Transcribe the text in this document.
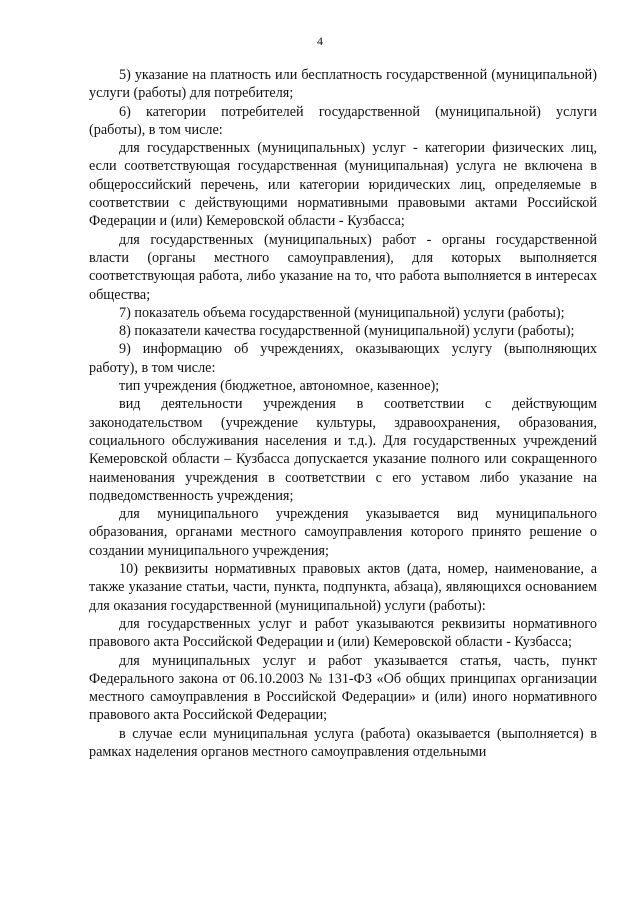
4

5) указание на платность или бесплатность государственной (муниципальной) услуги (работы) для потребителя;

6) категории потребителей государственной (муниципальной) услуги (работы), в том числе:

для государственных (муниципальных) услуг - категории физических лиц, если соответствующая государственная (муниципальная) услуга не включена в общероссийский перечень, или категории юридических лиц, определяемые в соответствии с действующими нормативными правовыми актами Российской Федерации и (или) Кемеровской области - Кузбасса;

для государственных (муниципальных) работ - органы государственной власти (органы местного самоуправления), для которых выполняется соответствующая работа, либо указание на то, что работа выполняется в интересах общества;

7) показатель объема государственной (муниципальной) услуги (работы);

8) показатели качества государственной (муниципальной) услуги (работы);

9) информацию об учреждениях, оказывающих услугу (выполняющих работу), в том числе:

тип учреждения (бюджетное, автономное, казенное);

вид деятельности учреждения в соответствии с действующим законодательством (учреждение культуры, здравоохранения, образования, социального обслуживания населения и т.д.). Для государственных учреждений Кемеровской области – Кузбасса допускается указание полного или сокращенного наименования учреждения в соответствии с его уставом либо указание на подведомственность учреждения;

для муниципального учреждения указывается вид муниципального образования, органами местного самоуправления которого принято решение о создании муниципального учреждения;

10) реквизиты нормативных правовых актов (дата, номер, наименование, а также указание статьи, части, пункта, подпункта, абзаца), являющихся основанием для оказания государственной (муниципальной) услуги (работы):

для государственных услуг и работ указываются реквизиты нормативного правового акта Российской Федерации и (или) Кемеровской области - Кузбасса;

для муниципальных услуг и работ указывается статья, часть, пункт Федерального закона от 06.10.2003 № 131-ФЗ «Об общих принципах организации местного самоуправления в Российской Федерации» и (или) иного нормативного правового акта Российской Федерации;

в случае если муниципальная услуга (работа) оказывается (выполняется) в рамках наделения органов местного самоуправления отдельными
